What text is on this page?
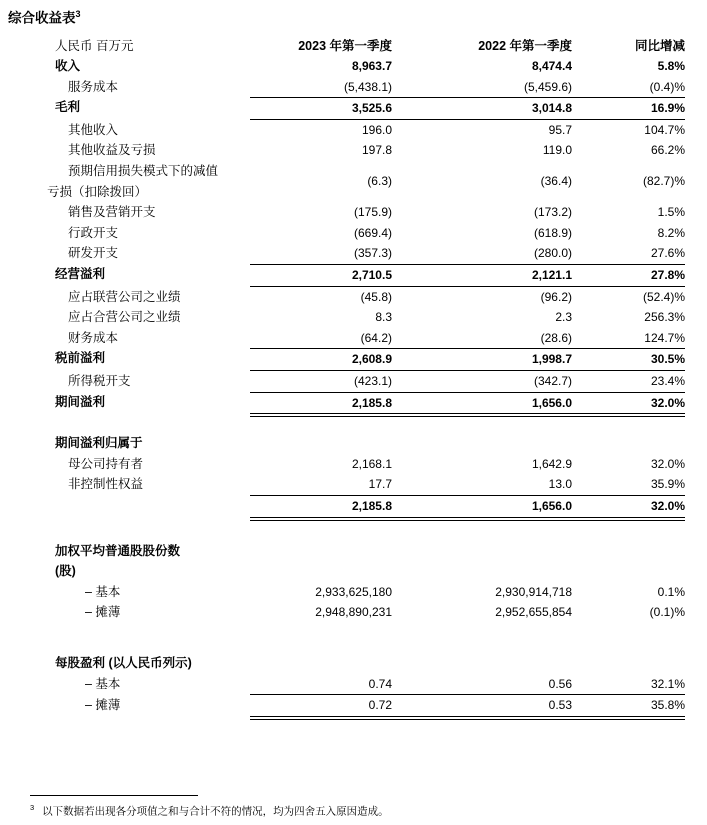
综合收益表$^3$
人民币 百万元	2023 年第一季度	2022 年第一季度	同比增减
收入	8,963.7	8,474.4	5.8%
服务成本	(5,438.1)	(5,459.6)	(0.4)%
毛利	3,525.6	3,014.8	16.9%
其他收入	196.0	95.7	104.7%
其他收益及亏损	197.8	119.0	66.2%
预期信用损失模式下的减值
亏损（扣除拨回）
(6.3)	(36.4)	(82.7)%
销售及营销开支	(175.9)	(173.2)	1.5%
行政开支	(669.4)	(618.9)	8.2%
研发开支	(357.3)	(280.0)	27.6%
经营溢利	2,710.5	2,121.1	27.8%
应占联营公司之业绩	(45.8)	(96.2)	(52.4)%
应占合营公司之业绩	8.3	2.3	256.3%
财务成本	(64.2)	(28.6)	124.7%
税前溢利	2,608.9	1,998.7	30.5%
所得税开支	(423.1)	(342.7)	23.4%
期间溢利	2,185.8	1,656.0	32.0%
期间溢利归属于
母公司持有者	2,168.1	1,642.9	32.0%
非控制性权益	17.7	13.0	35.9%
2,185.8	1,656.0	32.0%
加权平均普通股股份数
(股)
– 基本	2,933,625,180	2,930,914,718	0.1%
– 摊薄	2,948,890,231	2,952,655,854	(0.1)%
每股盈利 (以人民币列示)
– 基本	0.74	0.56	32.1%
– 摊薄	0.72	0.53	35.8%
$^3$ 以下数据若出现各分项值之和与合计不符的情况，均为四舍五入原因造成。
